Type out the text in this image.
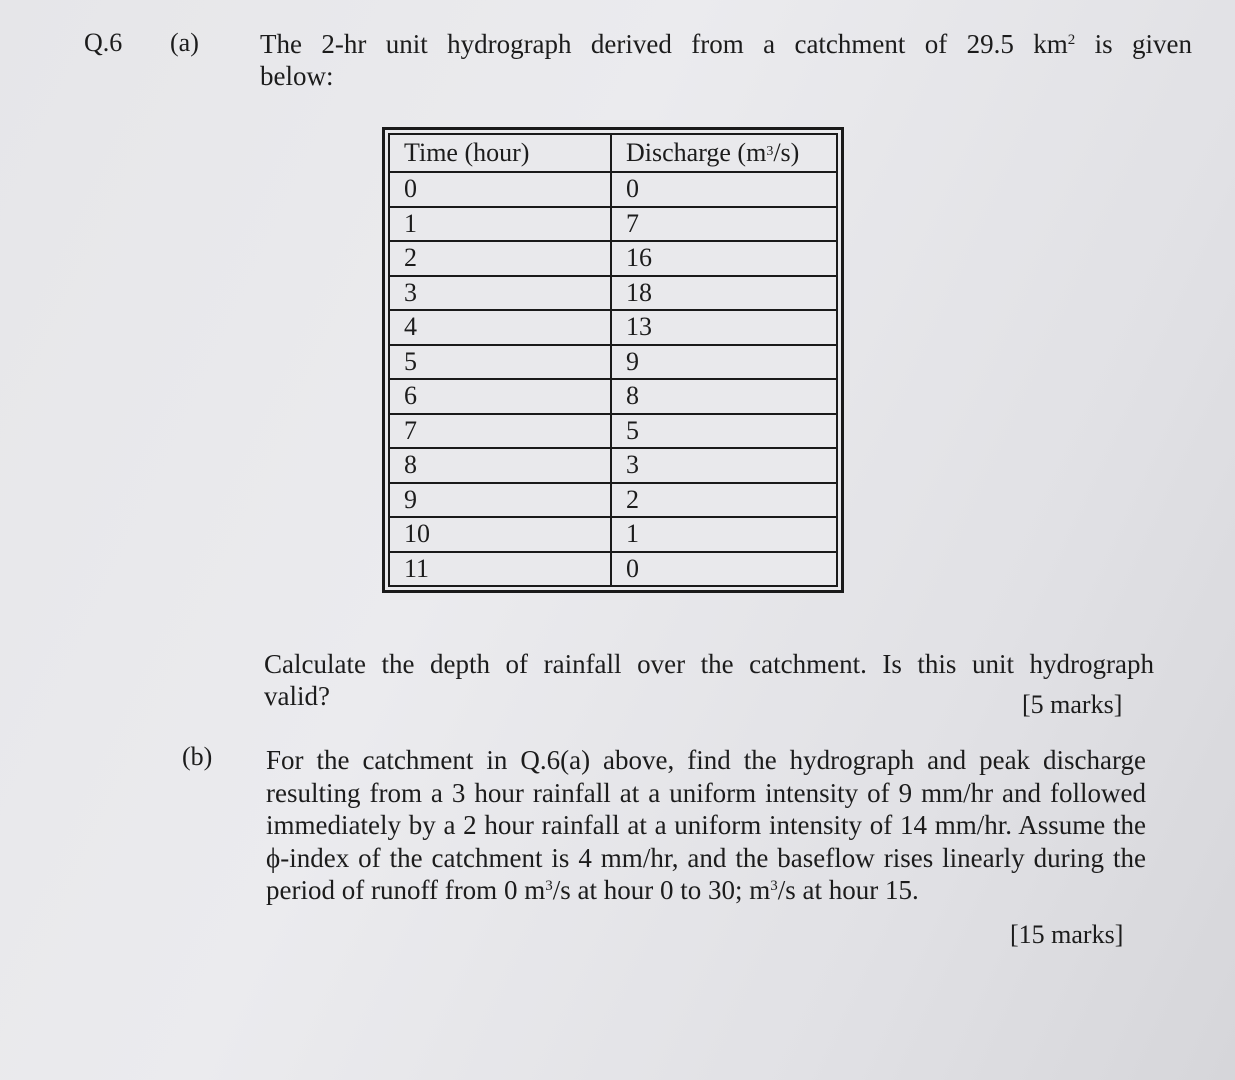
Q.6 (a) The 2-hr unit hydrograph derived from a catchment of 29.5 $km^2$ is given
below:
Time (hour)	Discharge $(m^3/s)$
0	0
1	7
2	16
3	18
4	13
5	9
6	8
7	5
8	3
9	2
10	1
11	0
Calculate the depth of rainfall over the catchment. Is this unit hydrograph
valid?	[5 marks]
(b) For the catchment in Q.6(a) above, find the hydrograph and peak discharge resulting from a 3 hour rainfall at a uniform intensity of 9 mm/hr and followed immediately by a 2 hour rainfall at a uniform intensity of 14 mm/hr. Assume the ϕ-index of the catchment is 4 mm/hr, and the baseflow rises linearly during the period of runoff from 0 $m^3/s$ at hour 0 to 30; $m^3/s$ at hour 15.
[15 marks]
